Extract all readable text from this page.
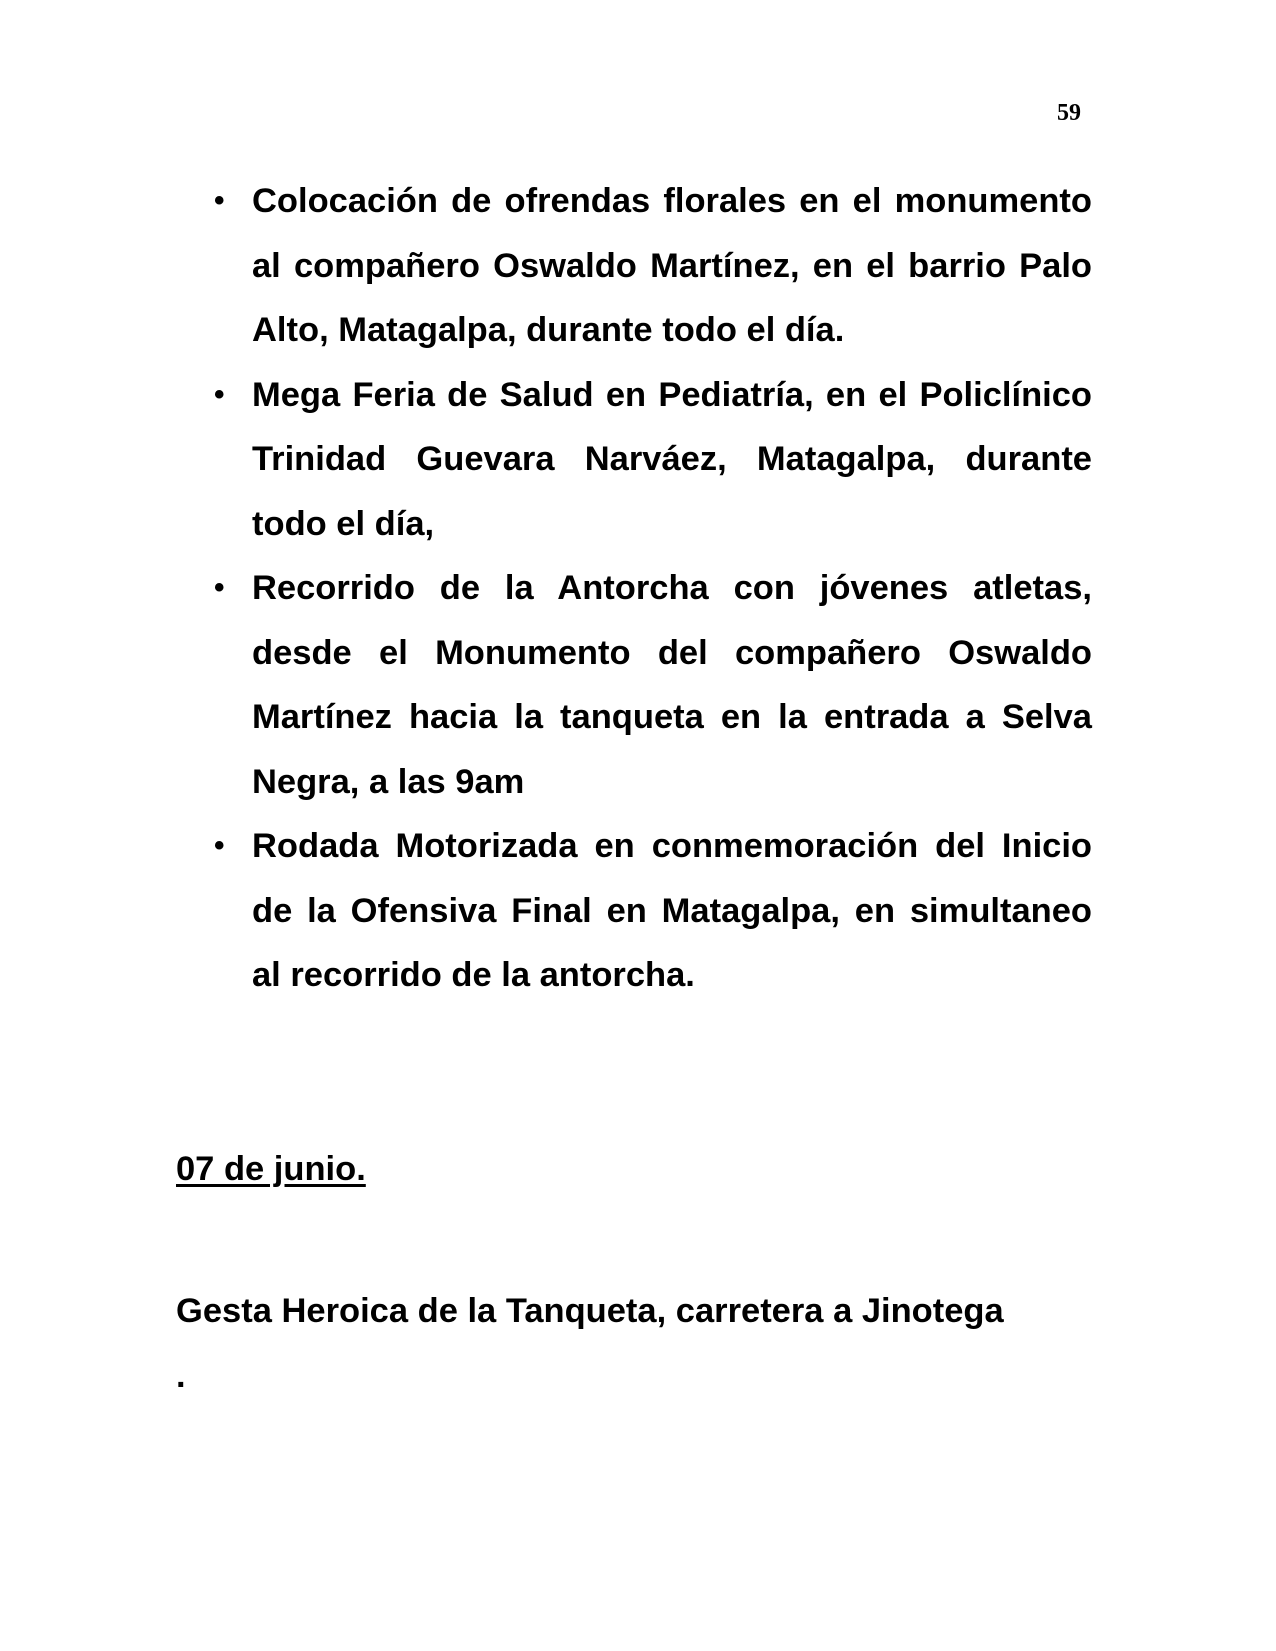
59
• Colocación de ofrendas florales en el monumento al compañero Oswaldo Martínez, en el barrio Palo Alto, Matagalpa, durante todo el día.
• Mega Feria de Salud en Pediatría, en el Policlínico Trinidad Guevara Narváez, Matagalpa, durante todo el día,
• Recorrido de la Antorcha con jóvenes atletas, desde el Monumento del compañero Oswaldo Martínez hacia la tanqueta en la entrada a Selva Negra, a las 9am
• Rodada Motorizada en conmemoración del Inicio de la Ofensiva Final en Matagalpa, en simultaneo al recorrido de la antorcha.
07 de junio.

Gesta Heroica de la Tanqueta, carretera a Jinotega
.
